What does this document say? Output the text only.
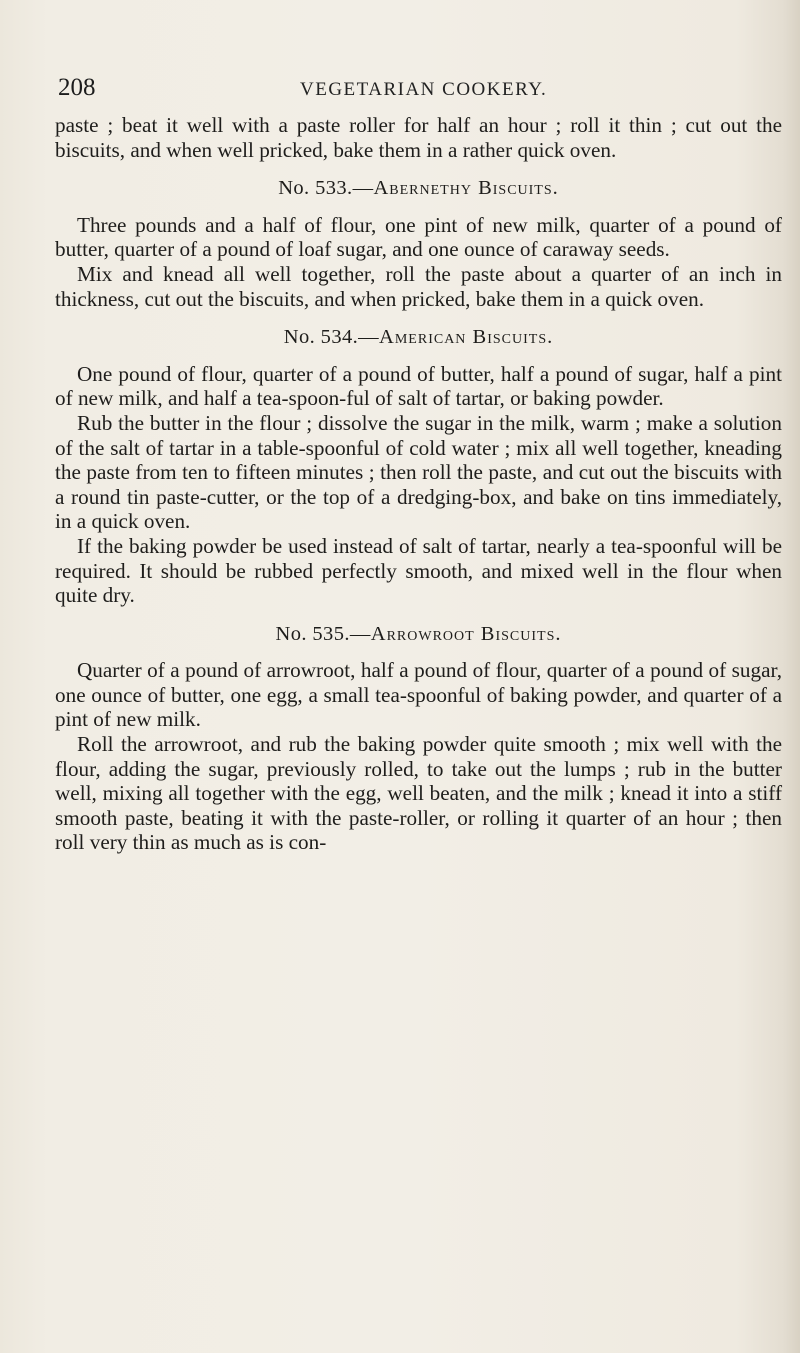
208	VEGETARIAN COOKERY.

paste ; beat it well with a paste roller for half an hour ; roll it thin ; cut out the biscuits, and when well pricked, bake them in a rather quick oven.

No. 533.—Abernethy Biscuits.

Three pounds and a half of flour, one pint of new milk, quarter of a pound of butter, quarter of a pound of loaf sugar, and one ounce of caraway seeds.

Mix and knead all well together, roll the paste about a quarter of an inch in thickness, cut out the biscuits, and when pricked, bake them in a quick oven.

No. 534.—American Biscuits.

One pound of flour, quarter of a pound of butter, half a pound of sugar, half a pint of new milk, and half a tea-spoon-ful of salt of tartar, or baking powder.

Rub the butter in the flour ; dissolve the sugar in the milk, warm ; make a solution of the salt of tartar in a table-spoonful of cold water ; mix all well together, kneading the paste from ten to fifteen minutes ; then roll the paste, and cut out the biscuits with a round tin paste-cutter, or the top of a dredging-box, and bake on tins immediately, in a quick oven.

If the baking powder be used instead of salt of tartar, nearly a tea-spoonful will be required. It should be rubbed perfectly smooth, and mixed well in the flour when quite dry.

No. 535.—Arrowroot Biscuits.

Quarter of a pound of arrowroot, half a pound of flour, quarter of a pound of sugar, one ounce of butter, one egg, a small tea-spoonful of baking powder, and quarter of a pint of new milk.

Roll the arrowroot, and rub the baking powder quite smooth ; mix well with the flour, adding the sugar, previously rolled, to take out the lumps ; rub in the butter well, mixing all together with the egg, well beaten, and the milk ; knead it into a stiff smooth paste, beating it with the paste-roller, or rolling it quarter of an hour ; then roll very thin as much as is con-
